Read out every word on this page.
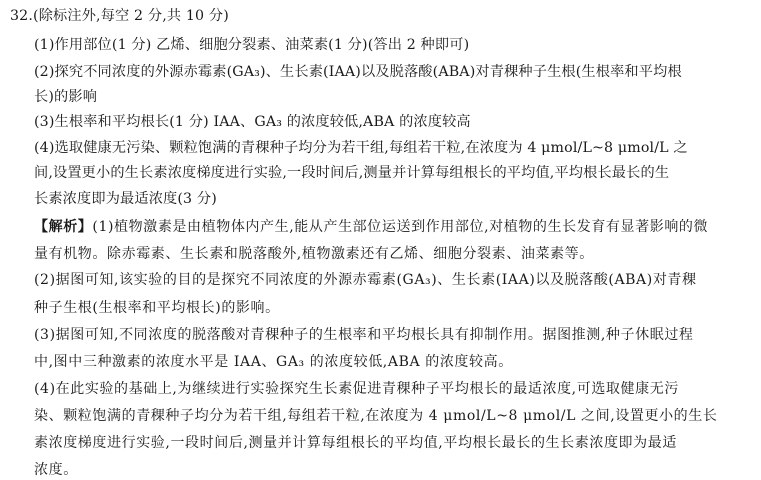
32.(除标注外,每空 2 分,共 10 分)
(1)作用部位(1 分) 乙烯、细胞分裂素、油菜素(1 分)(答出 2 种即可)
(2)探究不同浓度的外源赤霉素(GA₃)、生长素(IAA)以及脱落酸(ABA)对青稞种子生根(生根率和平均根
长)的影响
(3)生根率和平均根长(1 分) IAA、GA₃ 的浓度较低,ABA 的浓度较高
(4)选取健康无污染、颗粒饱满的青稞种子均分为若干组,每组若干粒,在浓度为 4 μmol/L~8 μmol/L 之
间,设置更小的生长素浓度梯度进行实验,一段时间后,测量并计算每组根长的平均值,平均根长最长的生
长素浓度即为最适浓度(3 分)
【解析】(1)植物激素是由植物体内产生,能从产生部位运送到作用部位,对植物的生长发育有显著影响的微
量有机物。除赤霉素、生长素和脱落酸外,植物激素还有乙烯、细胞分裂素、油菜素等。
(2)据图可知,该实验的目的是探究不同浓度的外源赤霉素(GA₃)、生长素(IAA)以及脱落酸(ABA)对青稞
种子生根(生根率和平均根长)的影响。
(3)据图可知,不同浓度的脱落酸对青稞种子的生根率和平均根长具有抑制作用。据图推测,种子休眠过程
中,图中三种激素的浓度水平是 IAA、GA₃ 的浓度较低,ABA 的浓度较高。
(4)在此实验的基础上,为继续进行实验探究生长素促进青稞种子平均根长的最适浓度,可选取健康无污
染、颗粒饱满的青稞种子均分为若干组,每组若干粒,在浓度为 4 μmol/L~8 μmol/L 之间,设置更小的生长
素浓度梯度进行实验,一段时间后,测量并计算每组根长的平均值,平均根长最长的生长素浓度即为最适
浓度。
